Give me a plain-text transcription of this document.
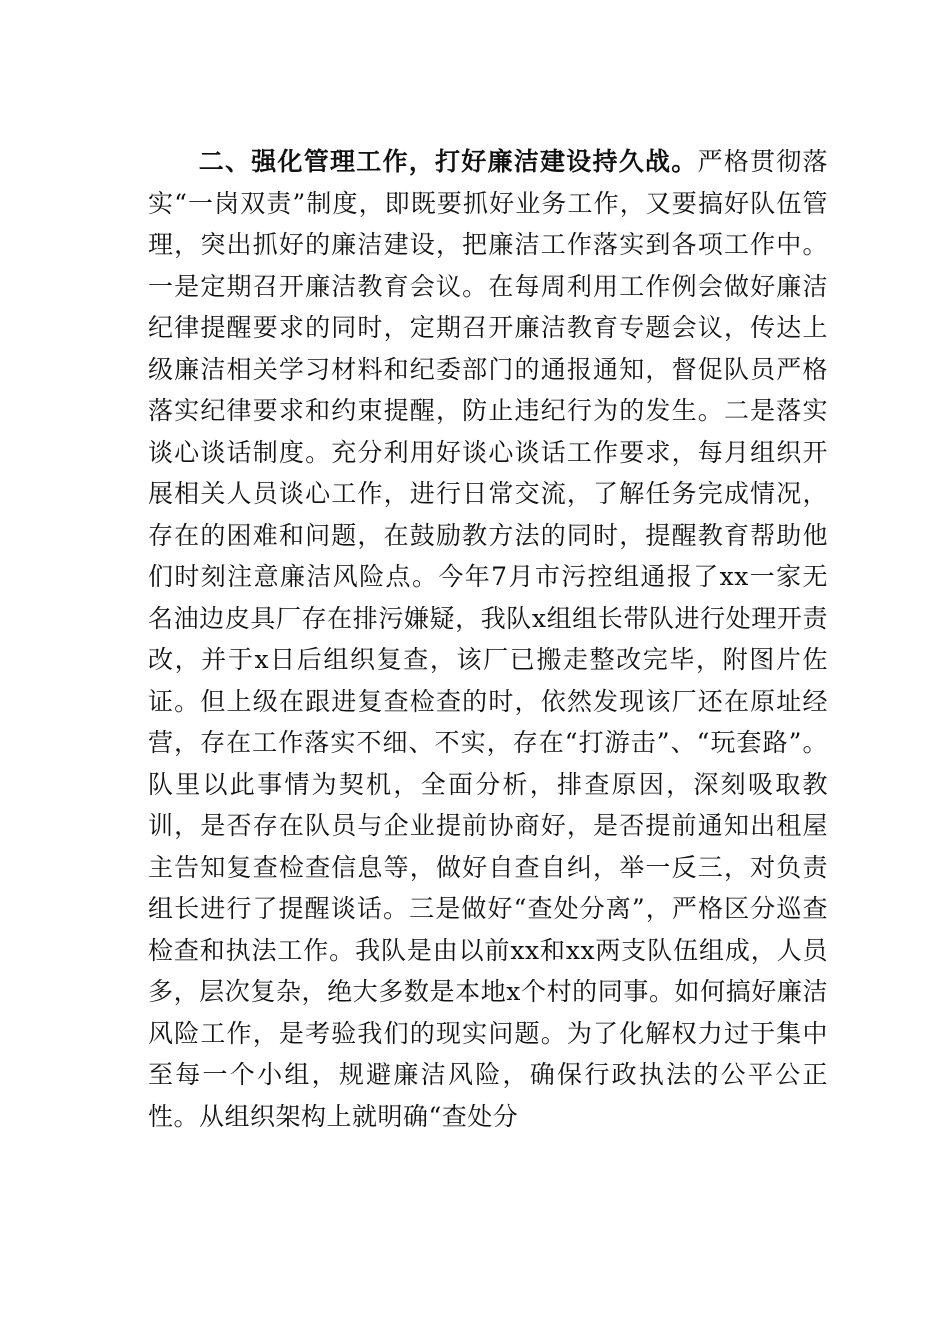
二、强化管理工作，打好廉洁建设持久战。严格贯彻落实“一岗双责”制度，即既要抓好业务工作，又要搞好队伍管理，突出抓好的廉洁建设，把廉洁工作落实到各项工作中。一是定期召开廉洁教育会议。在每周利用工作例会做好廉洁纪律提醒要求的同时，定期召开廉洁教育专题会议，传达上级廉洁相关学习材料和纪委部门的通报通知，督促队员严格落实纪律要求和约束提醒，防止违纪行为的发生。二是落实谈心谈话制度。充分利用好谈心谈话工作要求，每月组织开展相关人员谈心工作，进行日常交流，了解任务完成情况，存在的困难和问题，在鼓励教方法的同时，提醒教育帮助他们时刻注意廉洁风险点。今年7月市污控组通报了xx一家无名油边皮具厂存在排污嫌疑，我队x组组长带队进行处理开责改，并于x日后组织复查，该厂已搬走整改完毕，附图片佐证。但上级在跟进复查检查的时，依然发现该厂还在原址经营，存在工作落实不细、不实，存在“打游击”、“玩套路”。队里以此事情为契机，全面分析，排查原因，深刻吸取教训，是否存在队员与企业提前协商好，是否提前通知出租屋主告知复查检查信息等，做好自查自纠，举一反三，对负责组长进行了提醒谈话。三是做好“查处分离”，严格区分巡查检查和执法工作。我队是由以前xx和xx两支队伍组成，人员多，层次复杂，绝大多数是本地x个村的同事。如何搞好廉洁风险工作，是考验我们的现实问题。为了化解权力过于集中至每一个小组，规避廉洁风险，确保行政执法的公平公正性。从组织架构上就明确“查处分
